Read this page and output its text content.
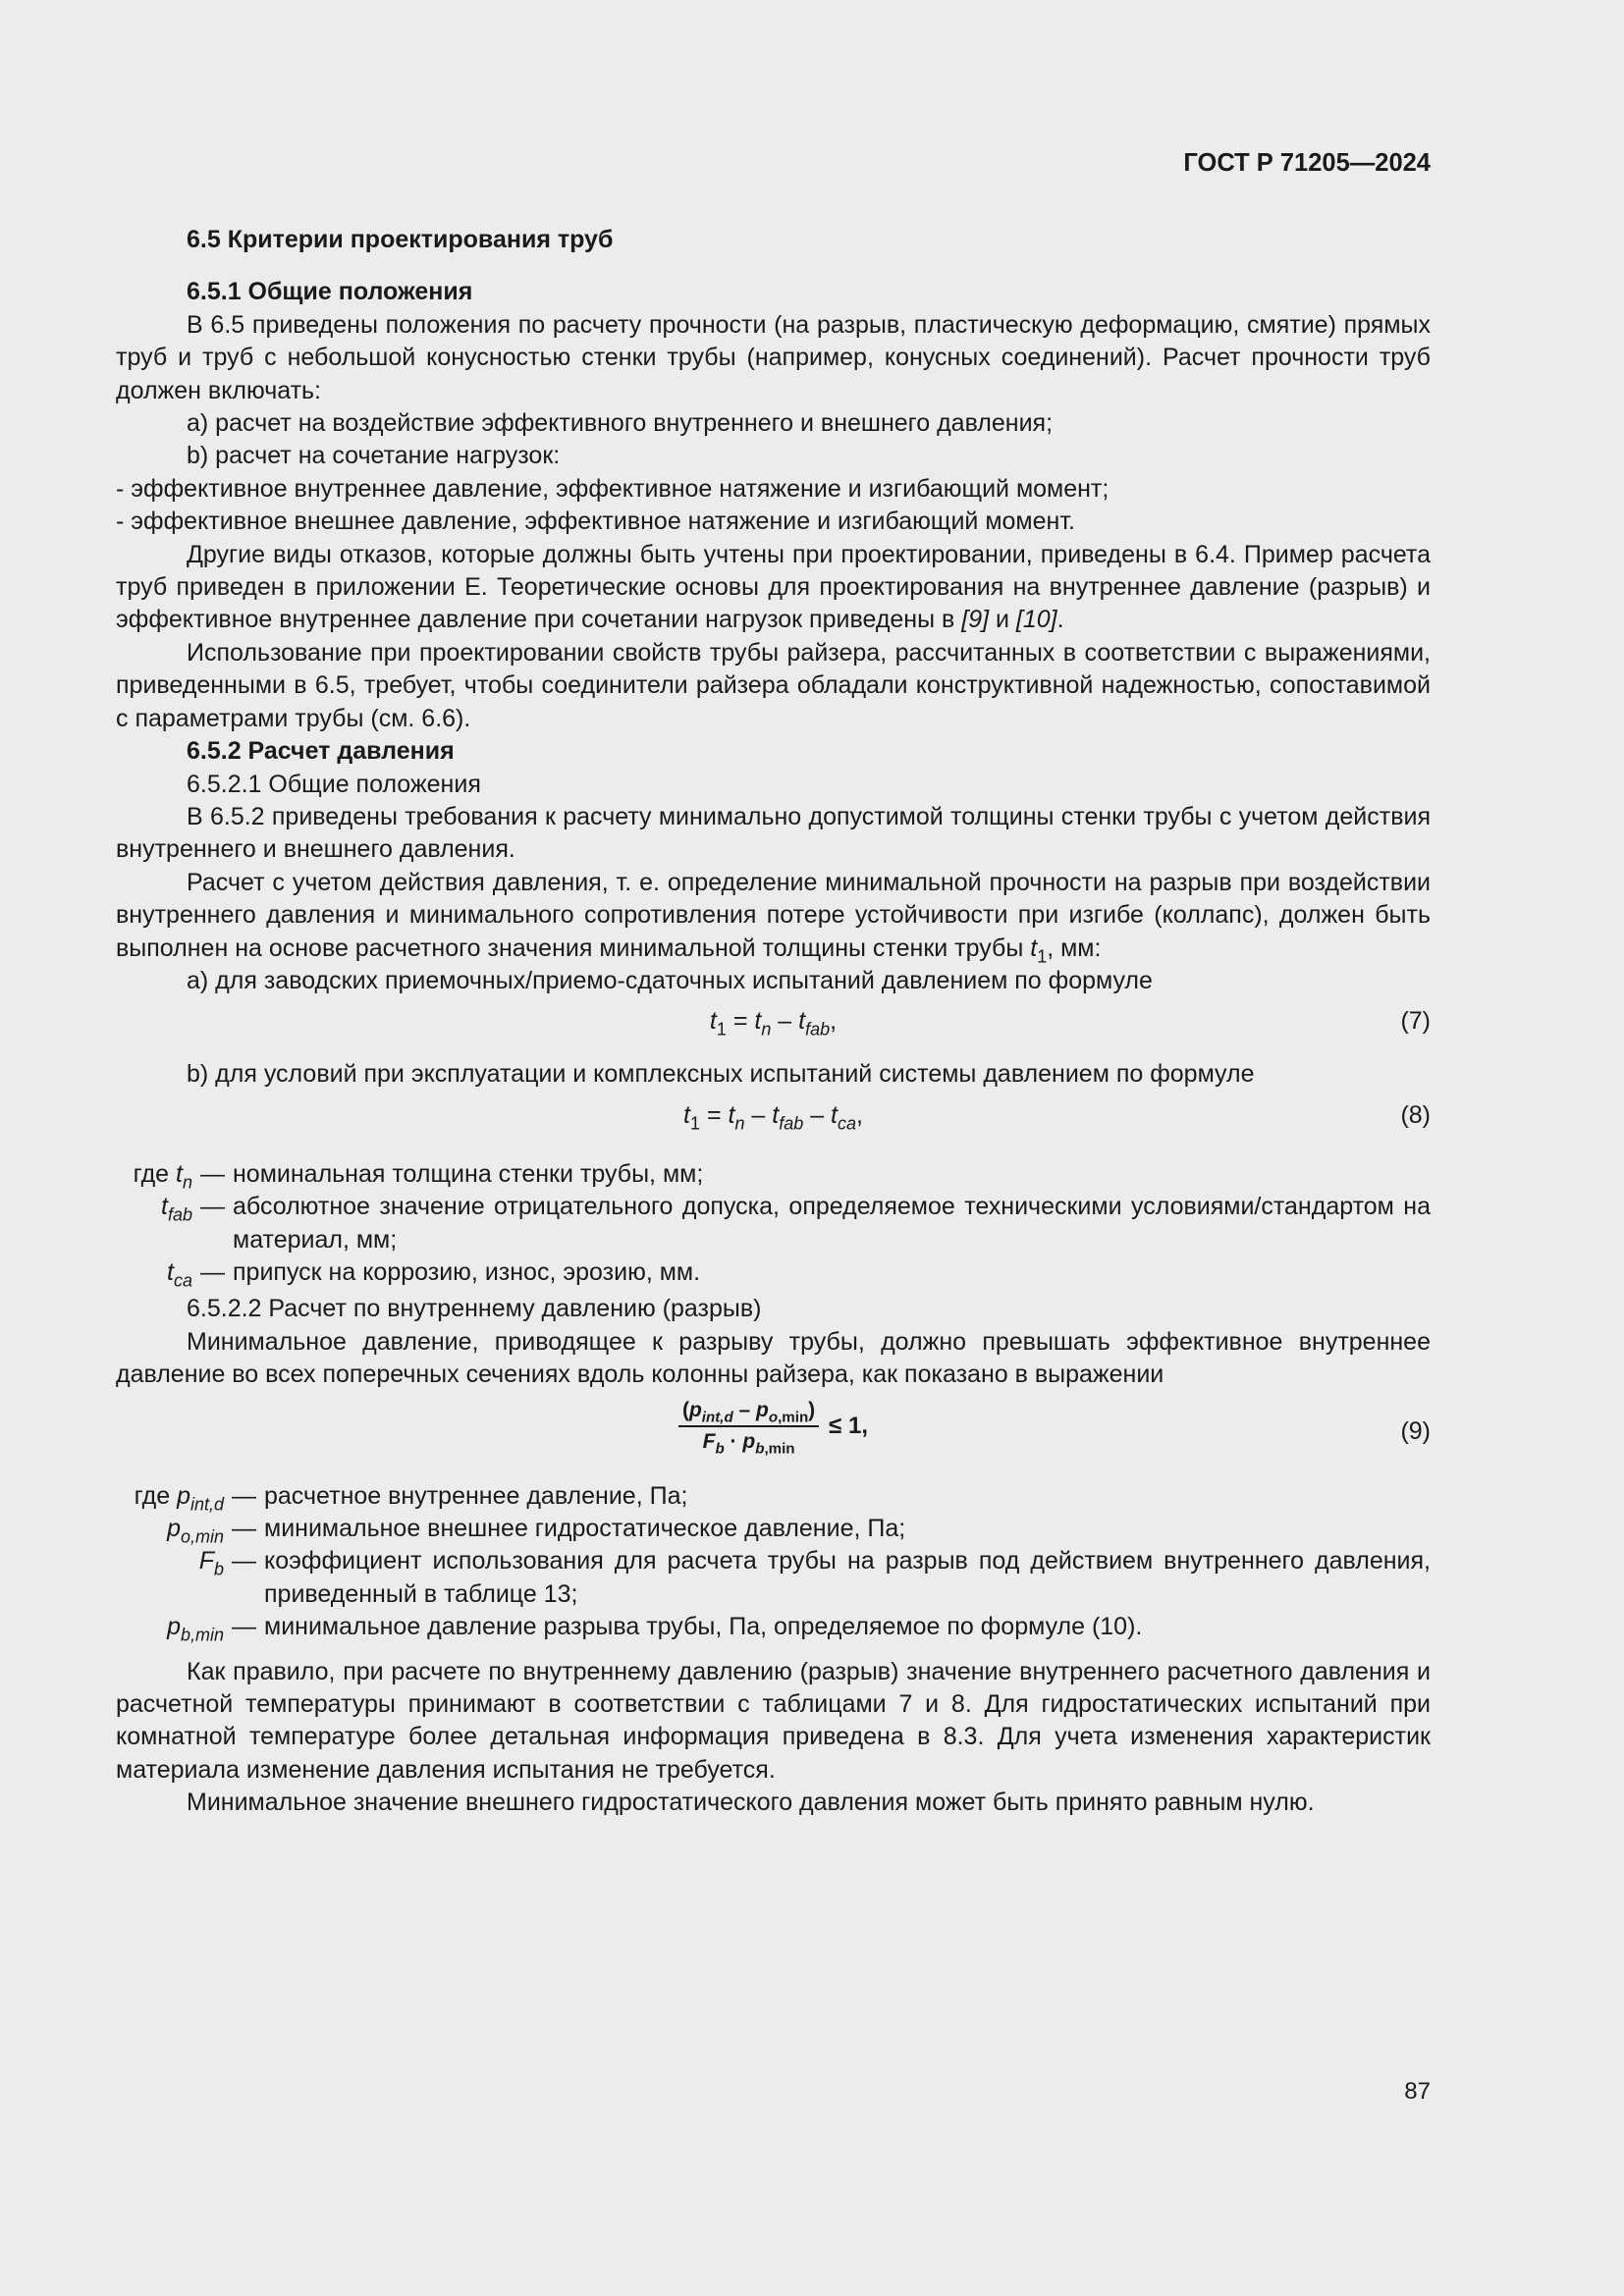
ГОСТ Р 71205—2024

6.5 Критерии проектирования труб

6.5.1 Общие положения

В 6.5 приведены положения по расчету прочности (на разрыв, пластическую деформацию, смятие) прямых труб и труб с небольшой конусностью стенки трубы (например, конусных соединений). Расчет прочности труб должен включать:

a) расчет на воздействие эффективного внутреннего и внешнего давления;

b) расчет на сочетание нагрузок:

- эффективное внутреннее давление, эффективное натяжение и изгибающий момент;

- эффективное внешнее давление, эффективное натяжение и изгибающий момент.

Другие виды отказов, которые должны быть учтены при проектировании, приведены в 6.4. Пример расчета труб приведен в приложении Е. Теоретические основы для проектирования на внутреннее давление (разрыв) и эффективное внутреннее давление при сочетании нагрузок приведены в [9] и [10].

Использование при проектировании свойств трубы райзера, рассчитанных в соответствии с выражениями, приведенными в 6.5, требует, чтобы соединители райзера обладали конструктивной надежностью, сопоставимой с параметрами трубы (см. 6.6).

6.5.2 Расчет давления

6.5.2.1 Общие положения

В 6.5.2 приведены требования к расчету минимально допустимой толщины стенки трубы с учетом действия внутреннего и внешнего давления.

Расчет с учетом действия давления, т. е. определение минимальной прочности на разрыв при воздействии внутреннего давления и минимального сопротивления потере устойчивости при изгибе (коллапс), должен быть выполнен на основе расчетного значения минимальной толщины стенки трубы $t_1$, мм:

a) для заводских приемочных/приемо-сдаточных испытаний давлением по формуле

$t_1 = t_n - t_{fab}$,	(7)

b) для условий при эксплуатации и комплексных испытаний системы давлением по формуле

$t_1 = t_n - t_{fab} - t_{ca}$,	(8)
где $t_n$ — номинальная толщина стенки трубы, мм;
$t_{fab}$ — абсолютное значение отрицательного допуска, определяемое техническими условиями/стандартом на материал, мм;
$t_{ca}$ — припуск на коррозию, износ, эрозию, мм.

6.5.2.2 Расчет по внутреннему давлению (разрыв)

Минимальное давление, приводящее к разрыву трубы, должно превышать эффективное внутреннее давление во всех поперечных сечениях вдоль колонны райзера, как показано в выражении

$\frac{(p_{int,d} - p_{o,min})}{F_b \cdot p_{b,min}} \le 1$,	(9)
где $p_{int,d}$ — расчетное внутреннее давление, Па;
$p_{o,min}$ — минимальное внешнее гидростатическое давление, Па;
$F_b$ — коэффициент использования для расчета трубы на разрыв под действием внутреннего давления, приведенный в таблице 13;
$p_{b,min}$ — минимальное давление разрыва трубы, Па, определяемое по формуле (10).

Как правило, при расчете по внутреннему давлению (разрыв) значение внутреннего расчетного давления и расчетной температуры принимают в соответствии с таблицами 7 и 8. Для гидростатических испытаний при комнатной температуре более детальная информация приведена в 8.3. Для учета изменения характеристик материала изменение давления испытания не требуется.

Минимальное значение внешнего гидростатического давления может быть принято равным нулю.

87
